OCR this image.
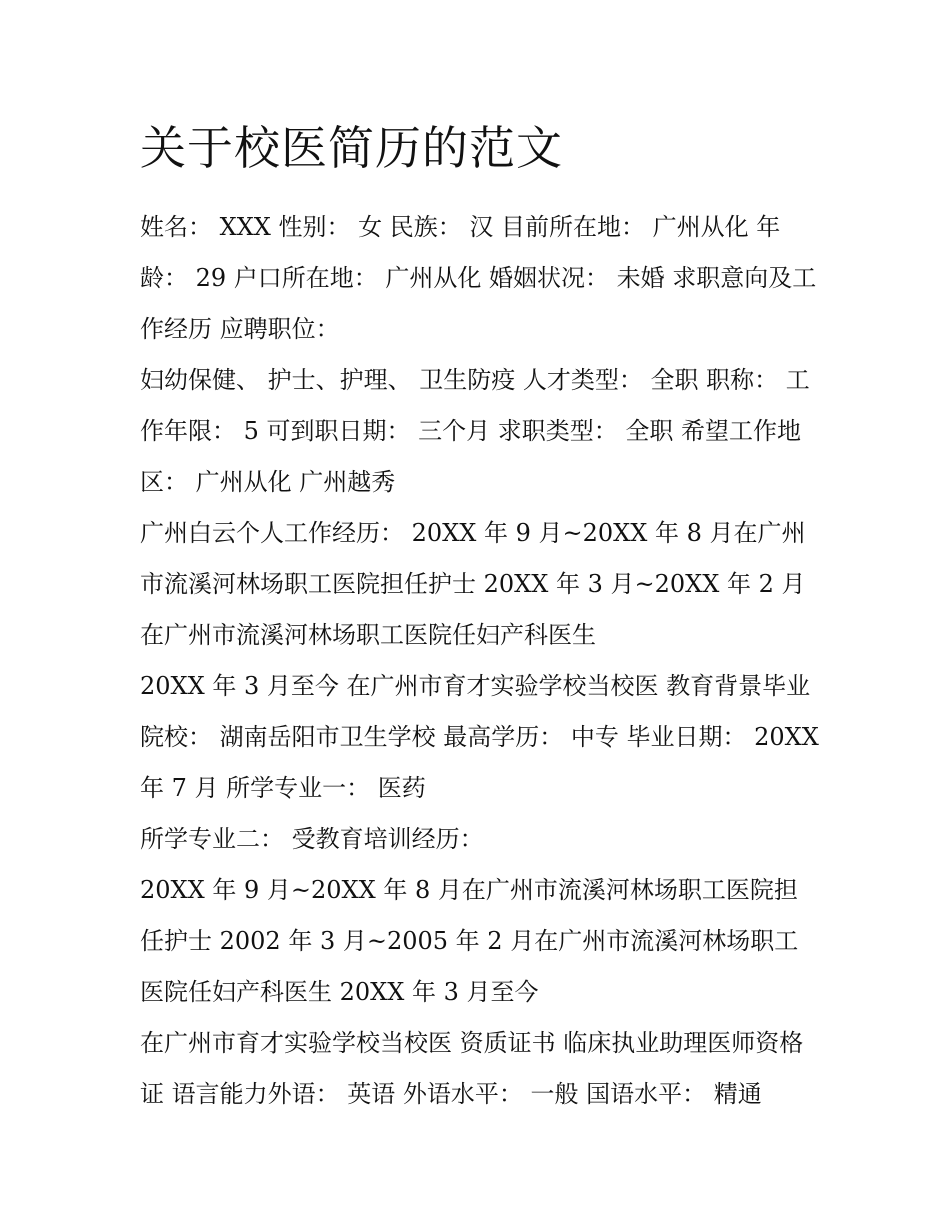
关于校医简历的范文

姓名： XXX 性别： 女 民族： 汉 目前所在地： 广州从化 年龄： 29 户口所在地： 广州从化 婚姻状况： 未婚 求职意向及工作经历 应聘职位：

妇幼保健、 护士、护理、 卫生防疫 人才类型： 全职 职称： 工作年限： 5 可到职日期： 三个月 求职类型： 全职 希望工作地区： 广州从化 广州越秀

广州白云个人工作经历： 20XX 年 9 月~20XX 年 8 月在广州市流溪河林场职工医院担任护士 20XX 年 3 月~20XX 年 2 月在广州市流溪河林场职工医院任妇产科医生

20XX 年 3 月至今 在广州市育才实验学校当校医 教育背景毕业院校： 湖南岳阳市卫生学校 最高学历： 中专 毕业日期： 20XX 年 7 月 所学专业一： 医药

所学专业二： 受教育培训经历：

20XX 年 9 月~20XX 年 8 月在广州市流溪河林场职工医院担任护士 2002 年 3 月~2005 年 2 月在广州市流溪河林场职工医院任妇产科医生 20XX 年 3 月至今

在广州市育才实验学校当校医 资质证书 临床执业助理医师资格证 语言能力外语： 英语 外语水平： 一般 国语水平： 精通
